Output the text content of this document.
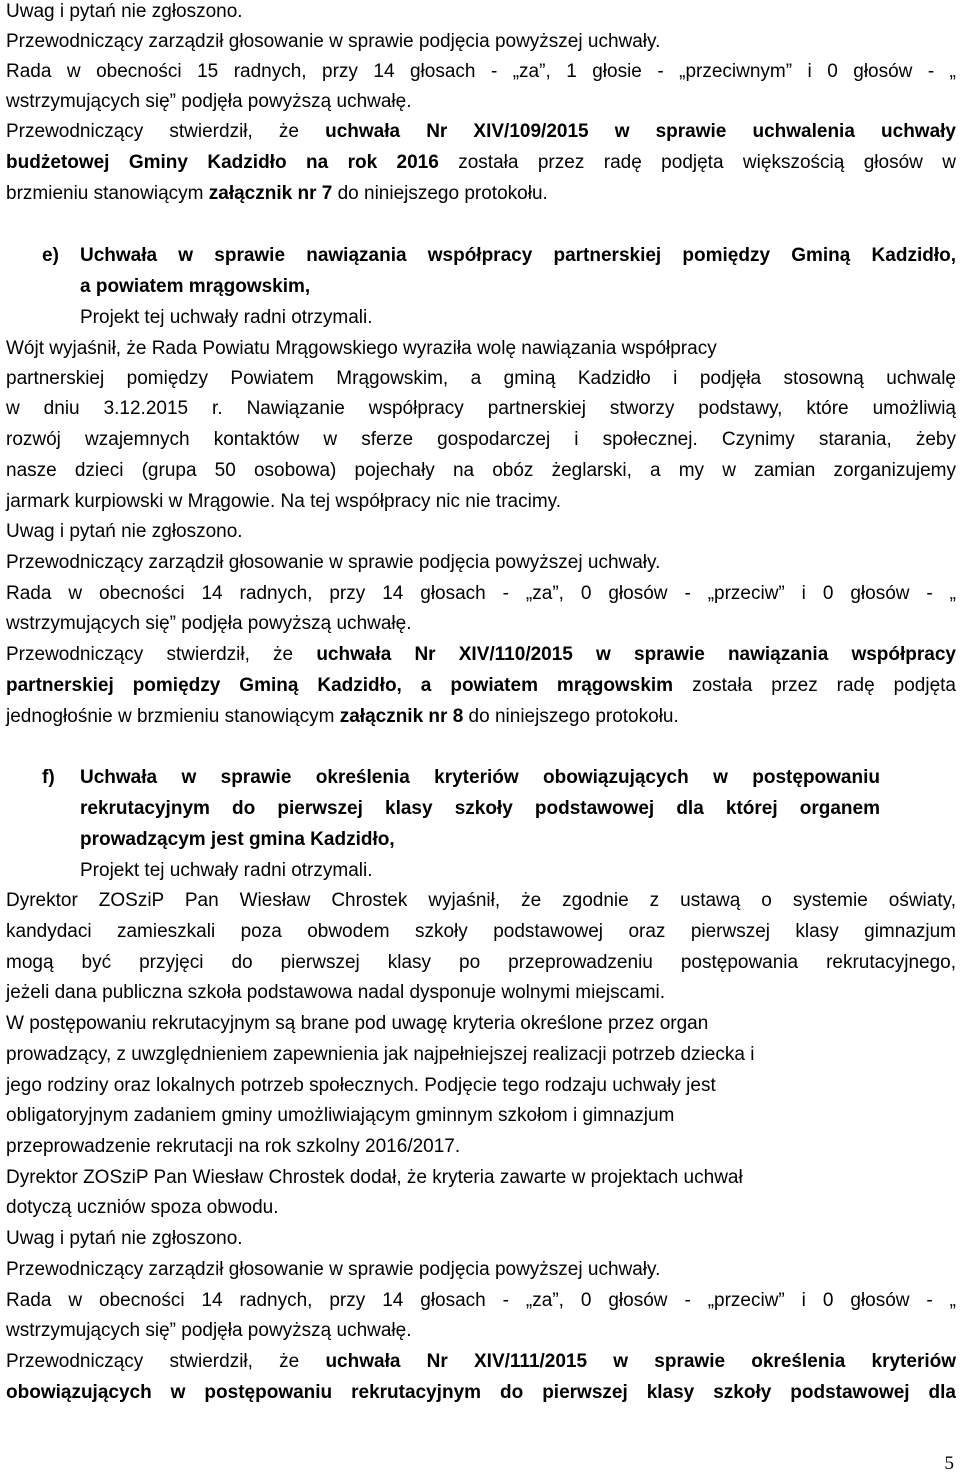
Uwag i pytań nie zgłoszono.
Przewodniczący zarządził głosowanie w sprawie podjęcia powyższej uchwały.
Rada w obecności 15 radnych, przy 14 głosach - „za”, 1 głosie - „przeciwnym” i 0 głosów - „
wstrzymujących się” podjęła powyższą uchwałę.
Przewodniczący stwierdził, że uchwała Nr XIV/109/2015 w sprawie uchwalenia uchwały
budżetowej Gminy Kadzidło na rok 2016 została przez radę podjęta większością głosów w
brzmieniu stanowiącym załącznik nr 7 do niniejszego protokołu.
e) Uchwała w sprawie nawiązania współpracy partnerskiej pomiędzy Gminą Kadzidło,
a powiatem mrągowskim,
Projekt tej uchwały radni otrzymali.
Wójt wyjaśnił, że Rada Powiatu Mrągowskiego wyraziła wolę nawiązania współpracy
partnerskiej pomiędzy Powiatem Mrągowskim, a gminą Kadzidło i podjęła stosowną uchwalę
w dniu 3.12.2015 r. Nawiązanie współpracy partnerskiej stworzy podstawy, które umożliwią
rozwój wzajemnych kontaktów w sferze gospodarczej i społecznej. Czynimy starania, żeby
nasze dzieci (grupa 50 osobowa) pojechały na obóz żeglarski, a my w zamian zorganizujemy
jarmark kurpiowski w Mrągowie. Na tej współpracy nic nie tracimy.
Uwag i pytań nie zgłoszono.
Przewodniczący zarządził głosowanie w sprawie podjęcia powyższej uchwały.
Rada w obecności 14 radnych, przy 14 głosach - „za”, 0 głosów - „przeciw” i 0 głosów - „
wstrzymujących się” podjęła powyższą uchwałę.
Przewodniczący stwierdził, że uchwała Nr XIV/110/2015 w sprawie nawiązania współpracy
partnerskiej pomiędzy Gminą Kadzidło, a powiatem mrągowskim została przez radę podjęta
jednogłośnie w brzmieniu stanowiącym załącznik nr 8 do niniejszego protokołu.
f) Uchwała w sprawie określenia kryteriów obowiązujących w postępowaniu
rekrutacyjnym do pierwszej klasy szkoły podstawowej dla której organem
prowadzącym jest gmina Kadzidło,
Projekt tej uchwały radni otrzymali.
Dyrektor ZOSziP Pan Wiesław Chrostek wyjaśnił, że zgodnie z ustawą o systemie oświaty,
kandydaci zamieszkali poza obwodem szkoły podstawowej oraz pierwszej klasy gimnazjum
mogą być przyjęci do pierwszej klasy po przeprowadzeniu postępowania rekrutacyjnego,
jeżeli dana publiczna szkoła podstawowa nadal dysponuje wolnymi miejscami.
W postępowaniu rekrutacyjnym są brane pod uwagę kryteria określone przez organ
prowadzący, z uwzględnieniem zapewnienia jak najpełniejszej realizacji potrzeb dziecka i
jego rodziny oraz lokalnych potrzeb społecznych. Podjęcie tego rodzaju uchwały jest
obligatoryjnym zadaniem gminy umożliwiającym gminnym szkołom i gimnazjum
przeprowadzenie rekrutacji na rok szkolny 2016/2017.
Dyrektor ZOSziP Pan Wiesław Chrostek dodał, że kryteria zawarte w projektach uchwał
dotyczą uczniów spoza obwodu.
Uwag i pytań nie zgłoszono.
Przewodniczący zarządził głosowanie w sprawie podjęcia powyższej uchwały.
Rada w obecności 14 radnych, przy 14 głosach - „za”, 0 głosów - „przeciw” i 0 głosów - „
wstrzymujących się” podjęła powyższą uchwałę.
Przewodniczący stwierdził, że uchwała Nr XIV/111/2015 w sprawie określenia kryteriów
obowiązujących w postępowaniu rekrutacyjnym do pierwszej klasy szkoły podstawowej dla
5
